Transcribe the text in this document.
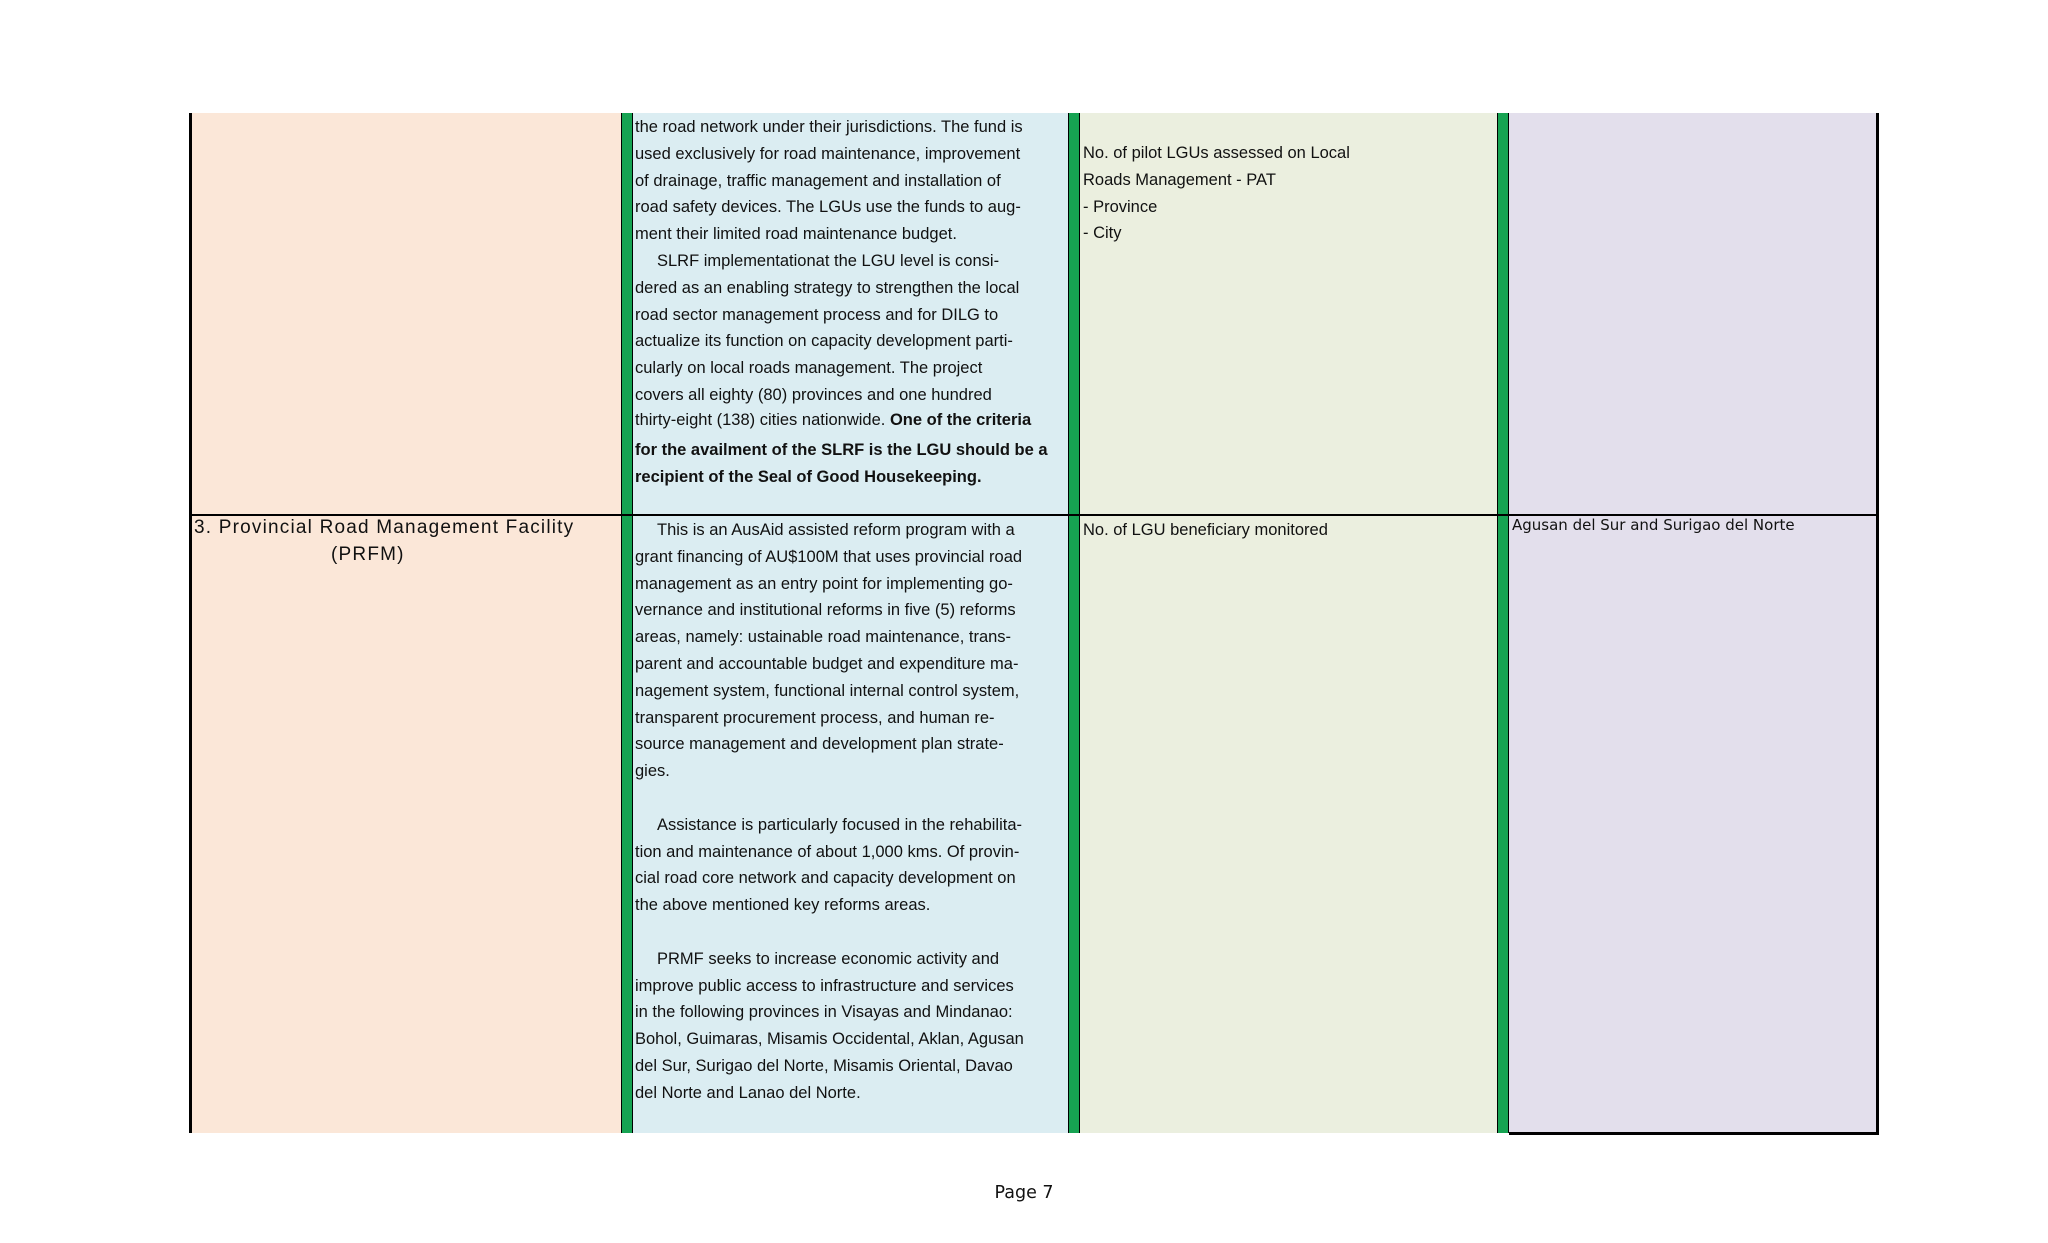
the road network under their jurisdictions. The fund is

used exclusively for road maintenance, improvement

of drainage, traffic management and installation of

road safety devices. The LGUs use the funds to aug-

ment their limited road maintenance budget.

SLRF implementationat the LGU level is consi-

dered as an enabling strategy to strengthen the local

road sector management process and for DILG to

actualize its function on capacity development parti-

cularly on local roads management. The project

covers all eighty (80) provinces and one hundred

thirty-eight (138) cities nationwide. One of the criteria

for the availment of the SLRF is the LGU should be a

recipient of the Seal of Good Housekeeping.

No. of pilot LGUs assessed on Local

Roads Management - PAT

- Province

- City

3. Provincial Road Management Facility
(PRFM)

This is an AusAid assisted reform program with a

grant financing of AU$100M that uses provincial road

management as an entry point for implementing go-

vernance and institutional reforms in five (5) reforms

areas, namely: ustainable road maintenance, trans-

parent and accountable budget and expenditure ma-

nagement system, functional internal control system,

transparent procurement process, and human re-

source management and development plan strate-

gies.

Assistance is particularly focused in the rehabilita-

tion and maintenance of about 1,000 kms. Of provin-

cial road core network and capacity development on

the above mentioned key reforms areas.

PRMF seeks to increase economic activity and

improve public access to infrastructure and services

in the following provinces in Visayas and Mindanao:

Bohol, Guimaras, Misamis Occidental, Aklan, Agusan

del Sur, Surigao del Norte, Misamis Oriental, Davao

del Norte and Lanao del Norte.

No. of LGU beneficiary monitored	Agusan del Sur and Surigao del Norte
Page 7
